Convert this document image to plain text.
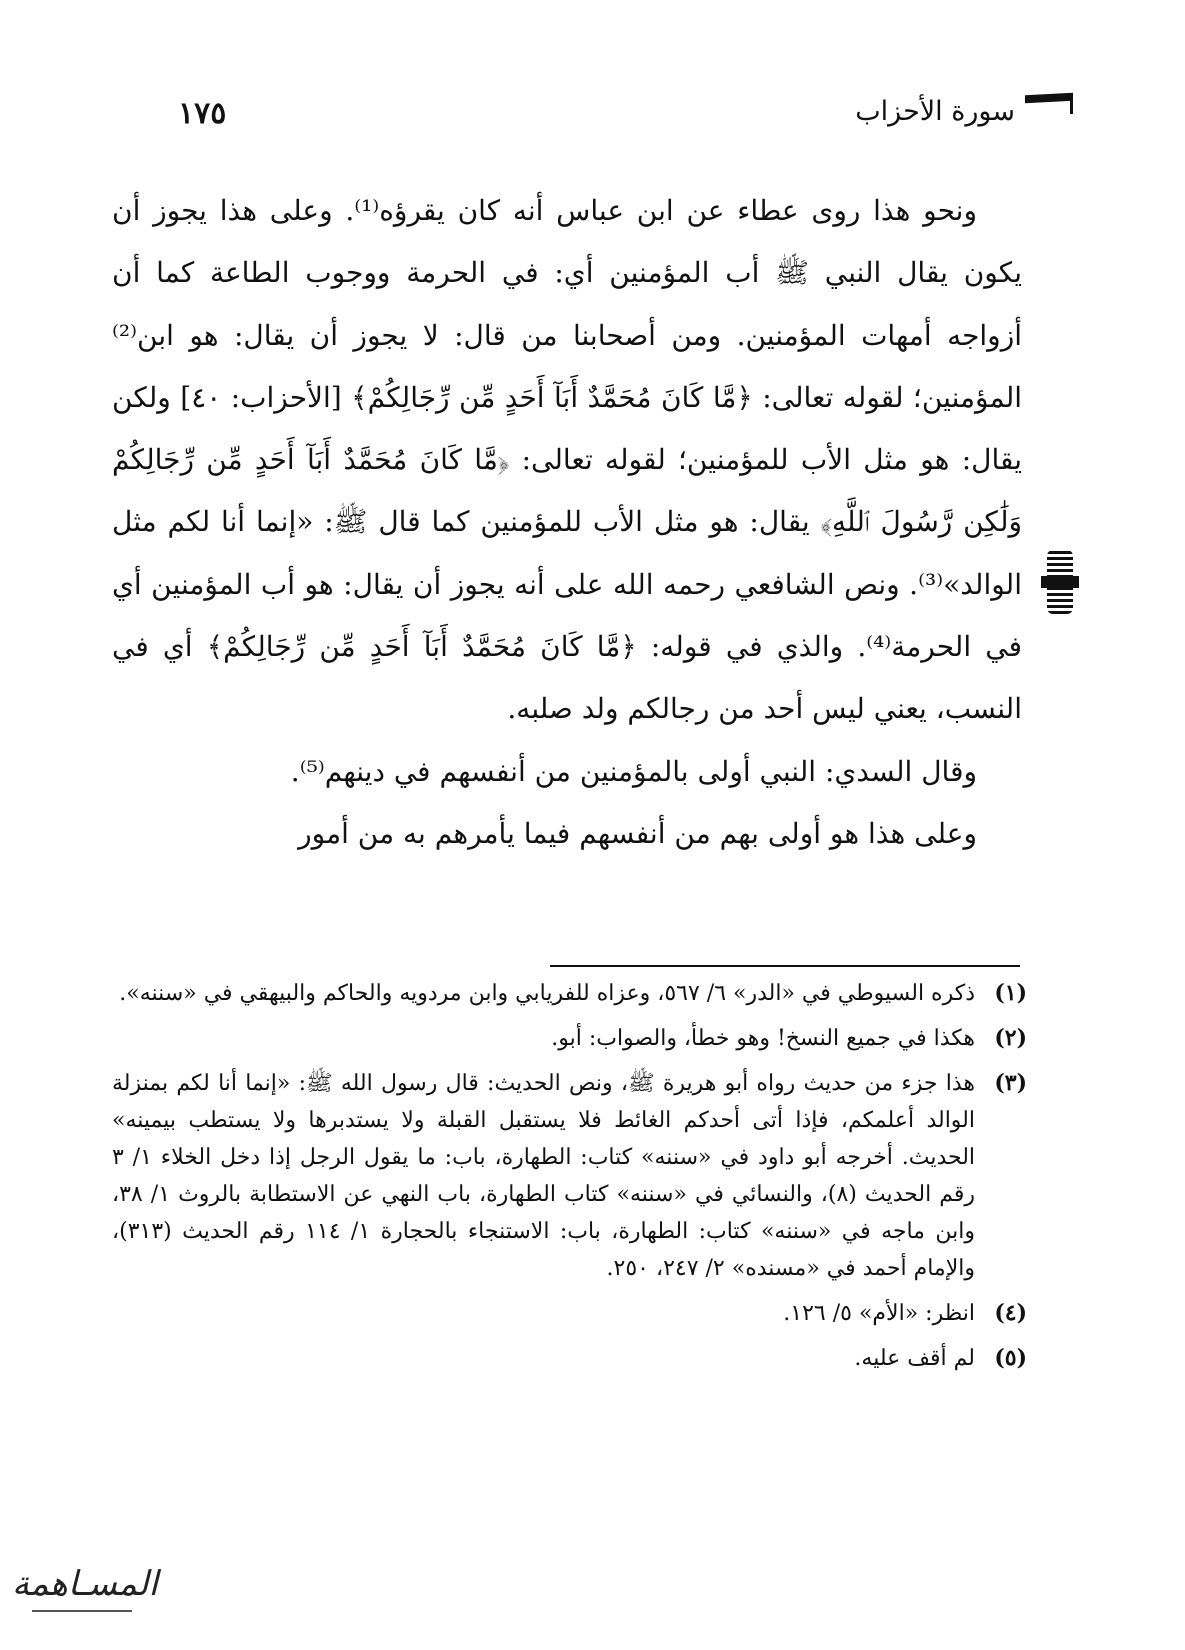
١٧٥	سورة الأحزاب

ونحو هذا روى عطاء عن ابن عباس أنه كان يقرؤه⁽¹⁾. وعلى هذا يجوز أن يكون يقال النبي ﷺ أب المؤمنين أي: في الحرمة ووجوب الطاعة كما أن أزواجه أمهات المؤمنين. ومن أصحابنا من قال: لا يجوز أن يقال: هو ابن⁽²⁾ المؤمنين؛ لقوله تعالى: ﴿مَّا كَانَ مُحَمَّدٌ أَبَآ أَحَدٍ مِّن رِّجَالِكُمْ﴾ [الأحزاب: ٤٠] ولكن يقال: هو مثل الأب للمؤمنين؛ لقوله تعالى: ﴿مَّا كَانَ مُحَمَّدٌ أَبَآ أَحَدٍ مِّن رِّجَالِكُمْ وَلَٰكِن رَّسُولَ ٱللَّهِ﴾ يقال: هو مثل الأب للمؤمنين كما قال ﷺ: «إنما أنا لكم مثل الوالد»⁽³⁾. ونص الشافعي رحمه الله على أنه يجوز أن يقال: هو أب المؤمنين أي في الحرمة⁽⁴⁾. والذي في قوله: ﴿مَّا كَانَ مُحَمَّدٌ أَبَآ أَحَدٍ مِّن رِّجَالِكُمْ﴾ أي في النسب، يعني ليس أحد من رجالكم ولد صلبه.

وقال السدي: النبي أولى بالمؤمنين من أنفسهم في دينهم⁽⁵⁾.

وعلى هذا هو أولى بهم من أنفسهم فيما يأمرهم به من أمور

(١)
ذكره السيوطي في «الدر» ٦/ ٥٦٧، وعزاه للفريابي وابن مردويه والحاكم والبيهقي في «سننه».
(٢)
هكذا في جميع النسخ! وهو خطأ، والصواب: أبو.
(٣)
هذا جزء من حديث رواه أبو هريرة ﷺ، ونص الحديث: قال رسول الله ﷺ: «إنما أنا لكم بمنزلة الوالد أعلمكم، فإذا أتى أحدكم الغائط فلا يستقبل القبلة ولا يستدبرها ولا يستطب بيمينه» الحديث. أخرجه أبو داود في «سننه» كتاب: الطهارة، باب: ما يقول الرجل إذا دخل الخلاء ١/ ٣ رقم الحديث (٨)، والنسائي في «سننه» كتاب الطهارة، باب النهي عن الاستطابة بالروث ١/ ٣٨، وابن ماجه في «سننه» كتاب: الطهارة، باب: الاستنجاء بالحجارة ١/ ١١٤ رقم الحديث (٣١٣)، والإمام أحمد في «مسنده» ٢/ ٢٤٧، ٢٥٠.
(٤)
انظر: «الأم» ٥/ ١٢٦.
(٥)
لم أقف عليه.
المسـاهمة
